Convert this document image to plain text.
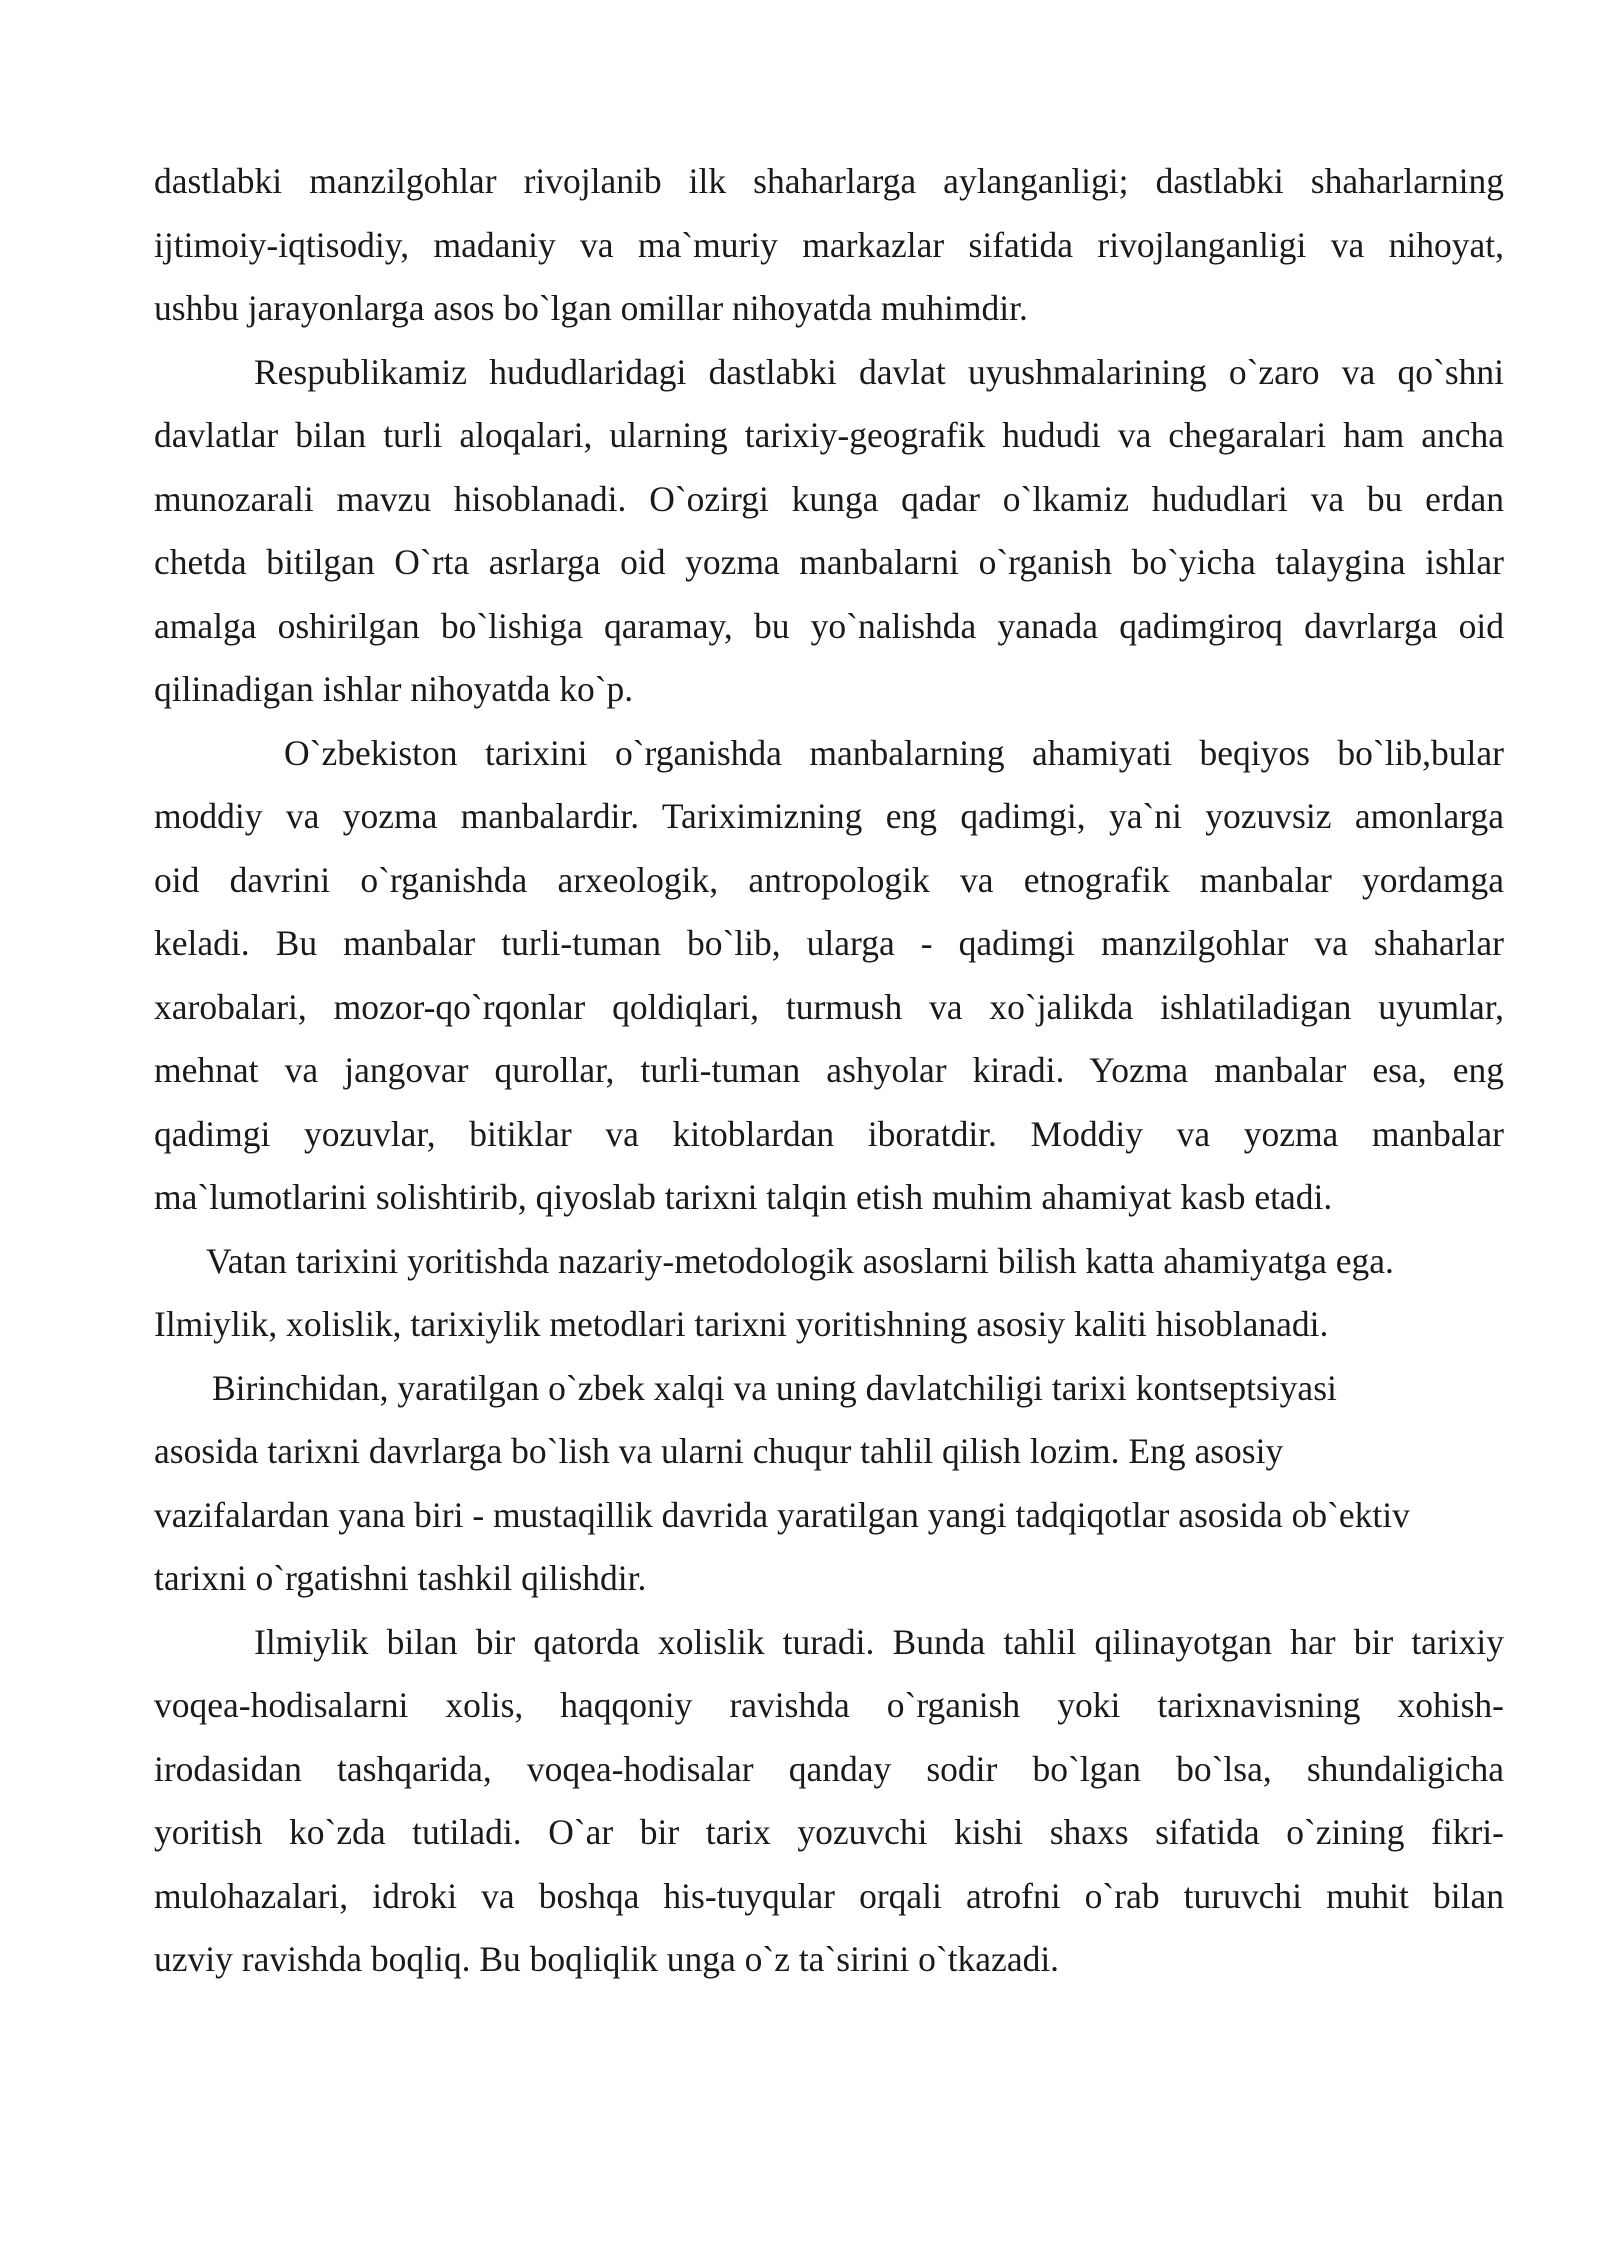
dastlabki manzilgohlar rivojlanib ilk shaharlarga aylanganligi; dastlabki shaharlarning
ijtimoiy-iqtisodiy, madaniy va ma`muriy markazlar sifatida rivojlanganligi va nihoyat,
ushbu jarayonlarga asos bo`lgan omillar nihoyatda muhimdir.

Respublikamiz hududlaridagi dastlabki davlat uyushmalarining o`zaro va qo`shni
davlatlar bilan turli aloqalari, ularning tarixiy-geografik hududi va chegaralari ham ancha
munozarali mavzu hisoblanadi. O`ozirgi kunga qadar o`lkamiz hududlari va bu erdan
chetda bitilgan O`rta asrlarga oid yozma manbalarni o`rganish bo`yicha talaygina ishlar
amalga oshirilgan bo`lishiga qaramay, bu yo`nalishda yanada qadimgiroq davrlarga oid
qilinadigan ishlar nihoyatda ko`p.

O`zbekiston tarixini o`rganishda manbalarning ahamiyati beqiyos bo`lib,bular
moddiy va yozma manbalardir. Tariximizning eng qadimgi, ya`ni yozuvsiz amonlarga
oid davrini o`rganishda arxeologik, antropologik va etnografik manbalar yordamga
keladi. Bu manbalar turli-tuman bo`lib, ularga - qadimgi manzilgohlar va shaharlar
xarobalari, mozor-qo`rqonlar qoldiqlari, turmush va xo`jalikda ishlatiladigan uyumlar,
mehnat va jangovar qurollar, turli-tuman ashyolar kiradi. Yozma manbalar esa, eng
qadimgi yozuvlar, bitiklar va kitoblardan iboratdir. Moddiy va yozma manbalar
ma`lumotlarini solishtirib, qiyoslab tarixni talqin etish muhim ahamiyat kasb etadi.

Vatan tarixini yoritishda nazariy-metodologik asoslarni bilish katta ahamiyatga ega.
Ilmiylik, xolislik, tarixiylik metodlari tarixni yoritishning asosiy kaliti hisoblanadi.

Birinchidan, yaratilgan o`zbek xalqi va uning davlatchiligi tarixi kontseptsiyasi
asosida tarixni davrlarga bo`lish va ularni chuqur tahlil qilish lozim. Eng asosiy
vazifalardan yana biri - mustaqillik davrida yaratilgan yangi tadqiqotlar asosida ob`ektiv
tarixni o`rgatishni tashkil qilishdir.

Ilmiylik bilan bir qatorda xolislik turadi. Bunda tahlil qilinayotgan har bir tarixiy
voqea-hodisalarni xolis, haqqoniy ravishda o`rganish yoki tarixnavisning xohish-
irodasidan tashqarida, voqea-hodisalar qanday sodir bo`lgan bo`lsa, shundaligicha
yoritish ko`zda tutiladi. O`ar bir tarix yozuvchi kishi shaxs sifatida o`zining fikri-
mulohazalari, idroki va boshqa his-tuyqular orqali atrofni o`rab turuvchi muhit bilan
uzviy ravishda boqliq. Bu boqliqlik unga o`z ta`sirini o`tkazadi.
